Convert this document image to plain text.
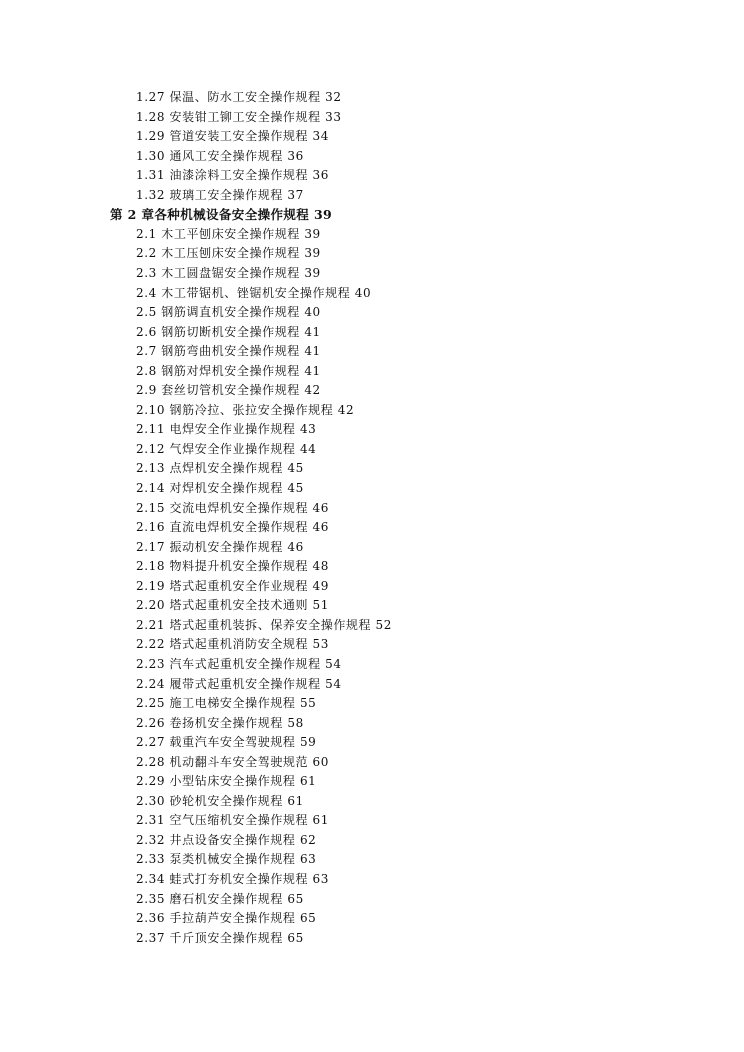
1.27 保温、防水工安全操作规程 32
1.28 安装钳工铆工安全操作规程 33
1.29 管道安装工安全操作规程 34
1.30 通风工安全操作规程 36
1.31 油漆涂料工安全操作规程 36
1.32 玻璃工安全操作规程 37
第 2 章各种机械设备安全操作规程 39
2.1 木工平刨床安全操作规程 39
2.2 木工压刨床安全操作规程 39
2.3 木工圆盘锯安全操作规程 39
2.4 木工带锯机、锉锯机安全操作规程 40
2.5 钢筋调直机安全操作规程 40
2.6 钢筋切断机安全操作规程 41
2.7 钢筋弯曲机安全操作规程 41
2.8 钢筋对焊机安全操作规程 41
2.9 套丝切管机安全操作规程 42
2.10 钢筋冷拉、张拉安全操作规程 42
2.11 电焊安全作业操作规程 43
2.12 气焊安全作业操作规程 44
2.13 点焊机安全操作规程 45
2.14 对焊机安全操作规程 45
2.15 交流电焊机安全操作规程 46
2.16 直流电焊机安全操作规程 46
2.17 振动机安全操作规程 46
2.18 物料提升机安全操作规程 48
2.19 塔式起重机安全作业规程 49
2.20 塔式起重机安全技术通则 51
2.21 塔式起重机装拆、保养安全操作规程 52
2.22 塔式起重机消防安全规程 53
2.23 汽车式起重机安全操作规程 54
2.24 履带式起重机安全操作规程 54
2.25 施工电梯安全操作规程 55
2.26 卷扬机安全操作规程 58
2.27 载重汽车安全驾驶规程 59
2.28 机动翻斗车安全驾驶规范 60
2.29 小型钻床安全操作规程 61
2.30 砂轮机安全操作规程 61
2.31 空气压缩机安全操作规程 61
2.32 井点设备安全操作规程 62
2.33 泵类机械安全操作规程 63
2.34 蛙式打夯机安全操作规程 63
2.35 磨石机安全操作规程 65
2.36 手拉葫芦安全操作规程 65
2.37 千斤顶安全操作规程 65
